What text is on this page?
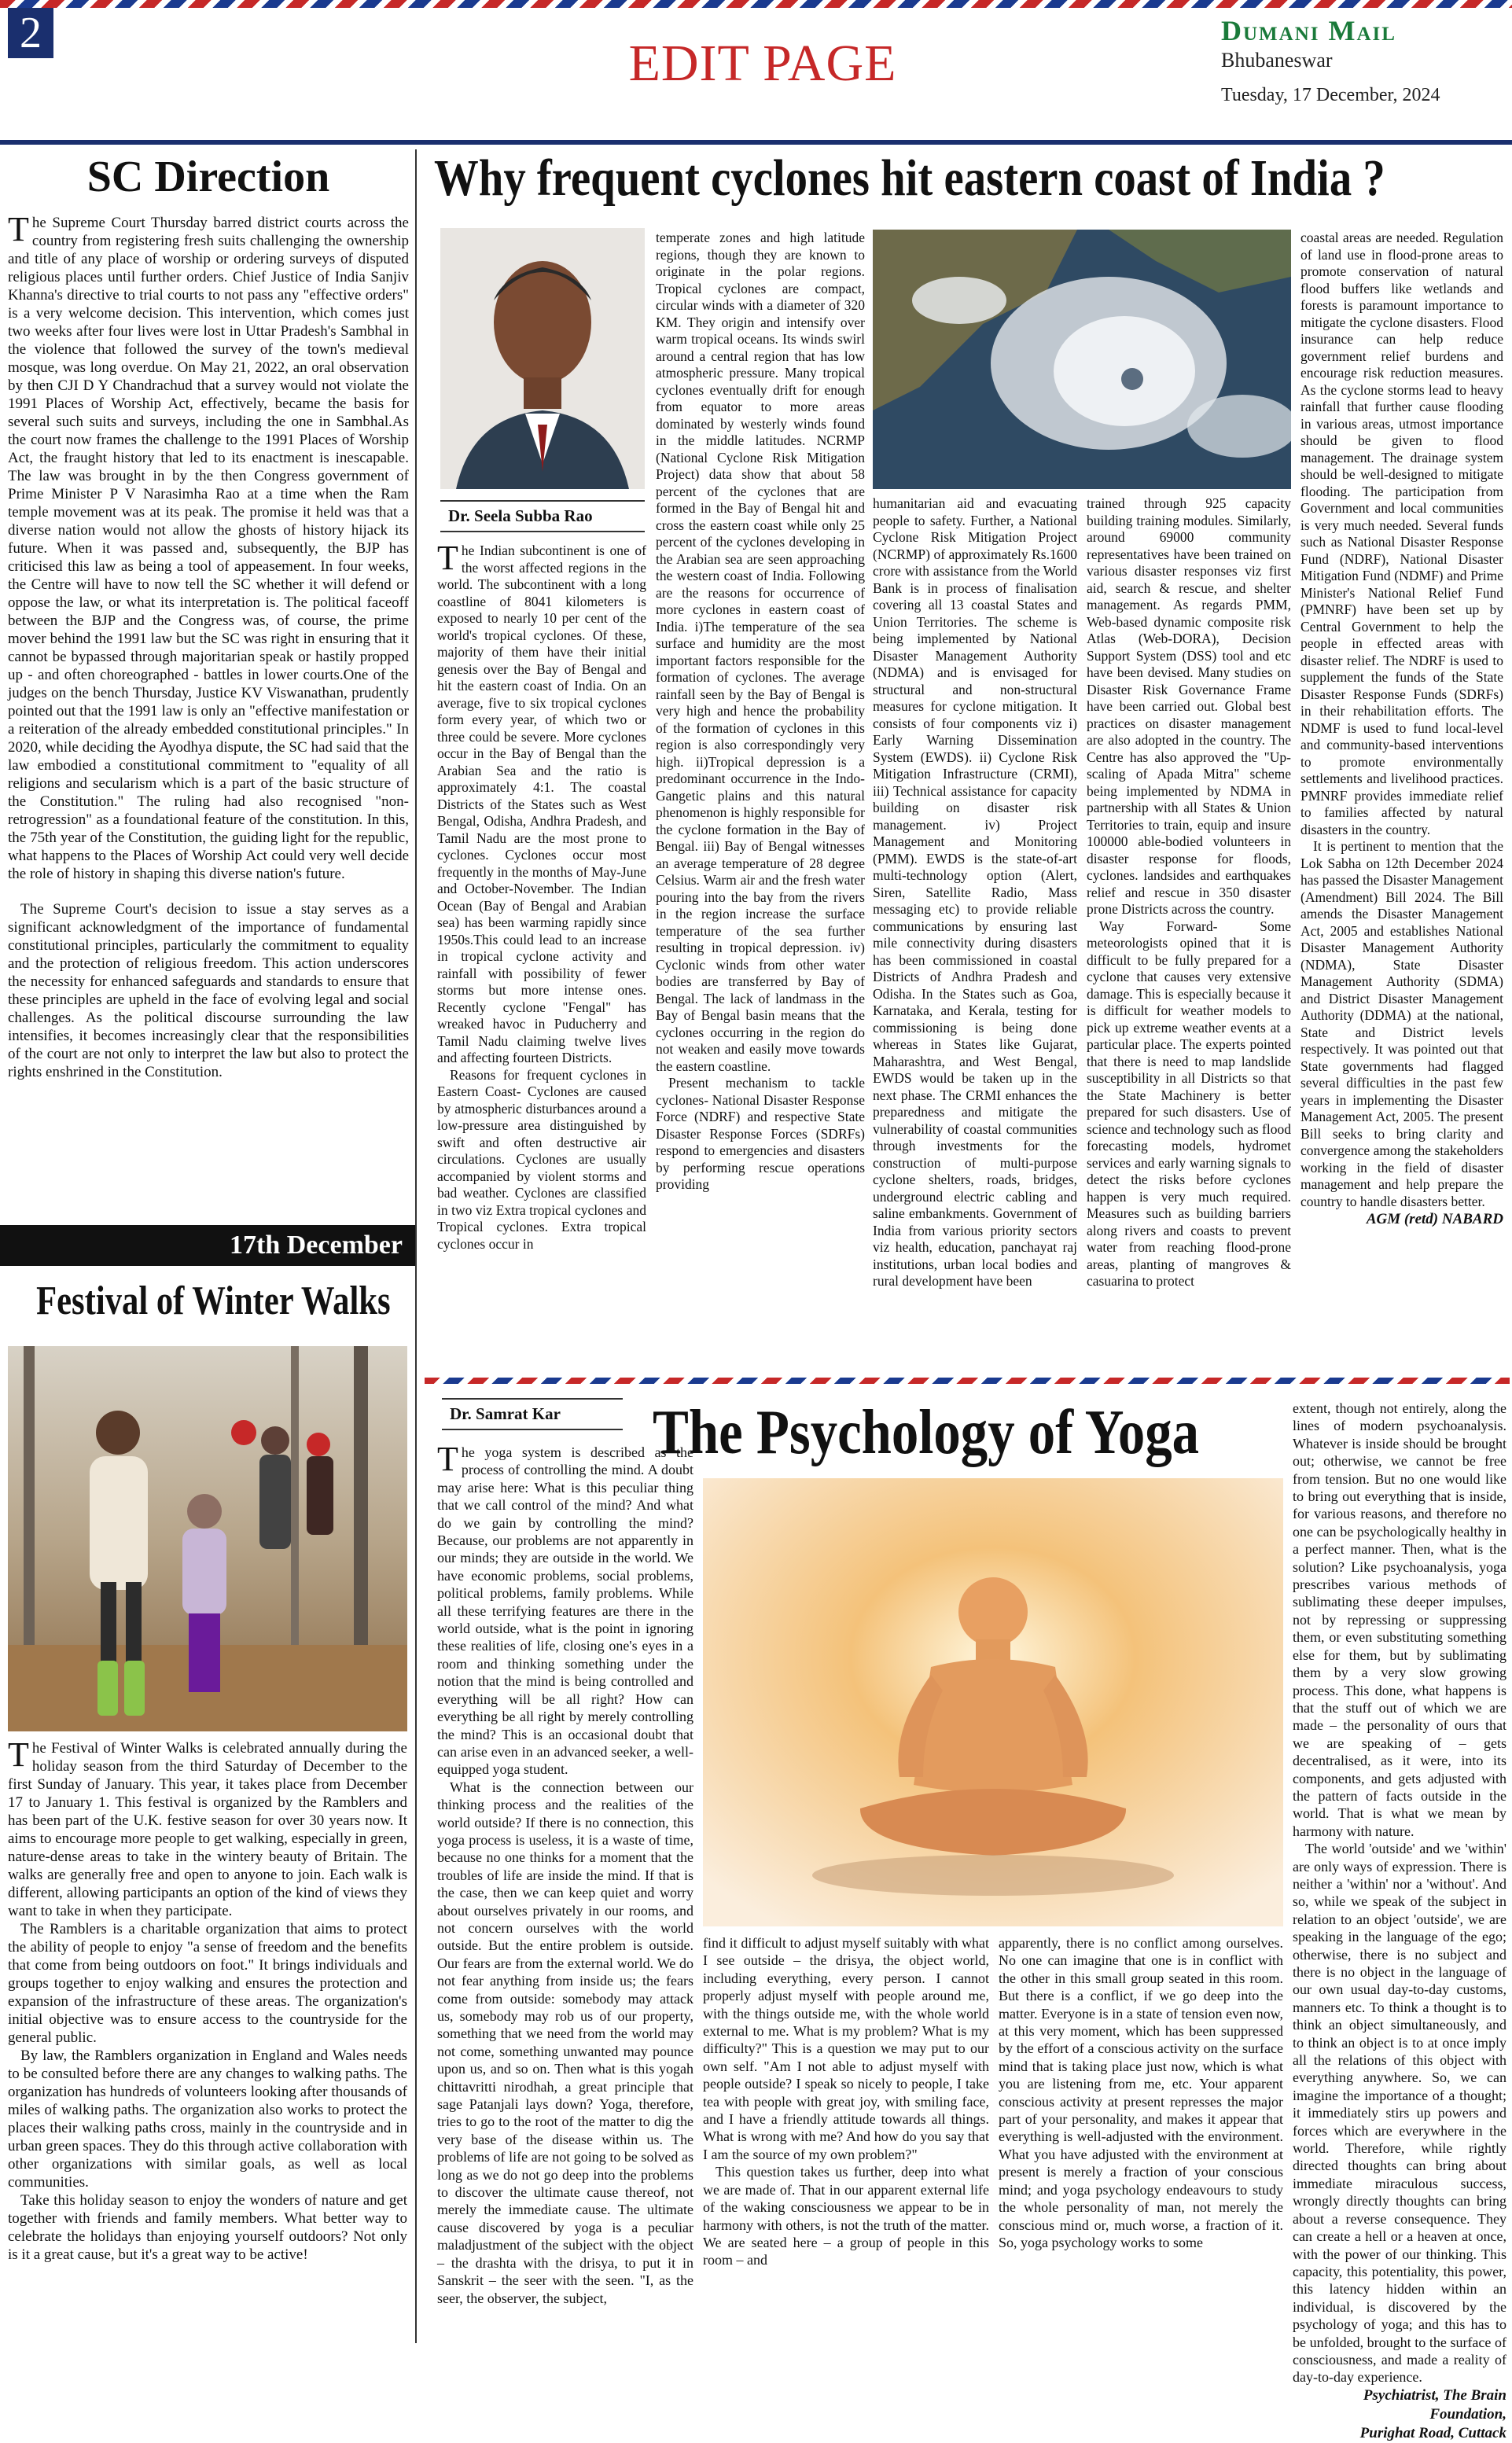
2
EDIT PAGE
Dumani Mail
Bhubaneswar
Tuesday, 17 December, 2024
SC Direction

The Supreme Court Thursday barred district courts across the country from registering fresh suits challenging the ownership and title of any place of worship or ordering surveys of disputed religious places until further orders. Chief Justice of India Sanjiv Khanna's directive to trial courts to not pass any "effective orders" is a very welcome decision. This intervention, which comes just two weeks after four lives were lost in Uttar Pradesh's Sambhal in the violence that followed the survey of the town's medieval mosque, was long overdue. On May 21, 2022, an oral observation by then CJI D Y Chandrachud that a survey would not violate the 1991 Places of Worship Act, effectively, became the basis for several such suits and surveys, including the one in Sambhal.As the court now frames the challenge to the 1991 Places of Worship Act, the fraught history that led to its enactment is inescapable. The law was brought in by the then Congress government of Prime Minister P V Narasimha Rao at a time when the Ram temple movement was at its peak. The promise it held was that a diverse nation would not allow the ghosts of history hijack its future. When it was passed and, subsequently, the BJP has criticised this law as being a tool of appeasement. In four weeks, the Centre will have to now tell the SC whether it will defend or oppose the law, or what its interpretation is. The political faceoff between the BJP and the Congress was, of course, the prime mover behind the 1991 law but the SC was right in ensuring that it cannot be bypassed through majoritarian speak or hastily propped up - and often choreographed - battles in lower courts.One of the judges on the bench Thursday, Justice KV Viswanathan, prudently pointed out that the 1991 law is only an "effective manifestation or a reiteration of the already embedded constitutional principles." In 2020, while deciding the Ayodhya dispute, the SC had said that the law embodied a constitutional commitment to "equality of all religions and secularism which is a part of the basic structure of the Constitution." The ruling had also recognised "non-retrogression" as a foundational feature of the constitution. In this, the 75th year of the Constitution, the guiding light for the republic, what happens to the Places of Worship Act could very well decide the role of history in shaping this diverse nation's future.

The Supreme Court's decision to issue a stay serves as a significant acknowledgment of the importance of fundamental constitutional principles, particularly the commitment to equality and the protection of religious freedom. This action underscores the necessity for enhanced safeguards and standards to ensure that these principles are upheld in the face of evolving legal and social challenges. As the political discourse surrounding the law intensifies, it becomes increasingly clear that the responsibilities of the court are not only to interpret the law but also to protect the rights enshrined in the Constitution.

17th December
Festival of Winter Walks

The Festival of Winter Walks is celebrated annually during the holiday season from the third Saturday of December to the first Sunday of January. This year, it takes place from December 17 to January 1. This festival is organized by the Ramblers and has been part of the U.K. festive season for over 30 years now. It aims to encourage more people to get walking, especially in green, nature-dense areas to take in the wintery beauty of Britain. The walks are generally free and open to anyone to join. Each walk is different, allowing participants an option of the kind of views they want to take in when they participate.

The Ramblers is a charitable organization that aims to protect the ability of people to enjoy "a sense of freedom and the benefits that come from being outdoors on foot." It brings individuals and groups together to enjoy walking and ensures the protection and expansion of the infrastructure of these areas. The organization's initial objective was to ensure access to the countryside for the general public.

By law, the Ramblers organization in England and Wales needs to be consulted before there are any changes to walking paths. The organization has hundreds of volunteers looking after thousands of miles of walking paths. The organization also works to protect the places their walking paths cross, mainly in the countryside and in urban green spaces. They do this through active collaboration with other organizations with similar goals, as well as local communities.

Take this holiday season to enjoy the wonders of nature and get together with friends and family members. What better way to celebrate the holidays than enjoying yourself outdoors? Not only is it a great cause, but it's a great way to be active!

Why frequent cyclones hit eastern coast of India ?
Dr. Seela Subba Rao

The Indian subcontinent is one of the worst affected regions in the world. The subcontinent with a long coastline of 8041 kilometers is exposed to nearly 10 per cent of the world's tropical cyclones. Of these, majority of them have their initial genesis over the Bay of Bengal and hit the eastern coast of India. On an average, five to six tropical cyclones form every year, of which two or three could be severe. More cyclones occur in the Bay of Bengal than the Arabian Sea and the ratio is approximately 4:1. The coastal Districts of the States such as West Bengal, Odisha, Andhra Pradesh, and Tamil Nadu are the most prone to cyclones. Cyclones occur most frequently in the months of May-June and October-November. The Indian Ocean (Bay of Bengal and Arabian sea) has been warming rapidly since 1950s.This could lead to an increase in tropical cyclone activity and rainfall with possibility of fewer storms but more intense ones. Recently cyclone "Fengal" has wreaked havoc in Puducherry and Tamil Nadu claiming twelve lives and affecting fourteen Districts.

Reasons for frequent cyclones in Eastern Coast- Cyclones are caused by atmospheric disturbances around a low-pressure area distinguished by swift and often destructive air circulations. Cyclones are usually accompanied by violent storms and bad weather. Cyclones are classified in two viz Extra tropical cyclones and Tropical cyclones. Extra tropical cyclones occur in

temperate zones and high latitude regions, though they are known to originate in the polar regions. Tropical cyclones are compact, circular winds with a diameter of 320 KM. They origin and intensify over warm tropical oceans. Its winds swirl around a central region that has low atmospheric pressure. Many tropical cyclones eventually drift for enough from equator to more areas dominated by westerly winds found in the middle latitudes. NCRMP (National Cyclone Risk Mitigation Project) data show that about 58 percent of the cyclones that are formed in the Bay of Bengal hit and cross the eastern coast while only 25 percent of the cyclones developing in the Arabian sea are seen approaching the western coast of India. Following are the reasons for occurrence of more cyclones in eastern coast of India. i)The temperature of the sea surface and humidity are the most important factors responsible for the formation of cyclones. The average rainfall seen by the Bay of Bengal is very high and hence the probability of the formation of cyclones in this region is also correspondingly very high. ii)Tropical depression is a predominant occurrence in the Indo-Gangetic plains and this natural phenomenon is highly responsible for the cyclone formation in the Bay of Bengal. iii) Bay of Bengal witnesses an average temperature of 28 degree Celsius. Warm air and the fresh water pouring into the bay from the rivers in the region increase the surface temperature of the sea further resulting in tropical depression. iv) Cyclonic winds from other water bodies are transferred by Bay of Bengal. The lack of landmass in the Bay of Bengal basin means that the cyclones occurring in the region do not weaken and easily move towards the eastern coastline.

Present mechanism to tackle cyclones- National Disaster Response Force (NDRF) and respective State Disaster Response Forces (SDRFs) respond to emergencies and disasters by performing rescue operations providing

humanitarian aid and evacuating people to safety. Further, a National Cyclone Risk Mitigation Project (NCRMP) of approximately Rs.1600 crore with assistance from the World Bank is in process of finalisation covering all 13 coastal States and Union Territories. The scheme is being implemented by National Disaster Management Authority (NDMA) and is envisaged for structural and non-structural measures for cyclone mitigation. It consists of four components viz i) Early Warning Dissemination System (EWDS). ii) Cyclone Risk Mitigation Infrastructure (CRMI), iii) Technical assistance for capacity building on disaster risk management. iv) Project Management and Monitoring (PMM). EWDS is the state-of-art multi-technology option (Alert, Siren, Satellite Radio, Mass messaging etc) to provide reliable communications by ensuring last mile connectivity during disasters has been commissioned in coastal Districts of Andhra Pradesh and Odisha. In the States such as Goa, Karnataka, and Kerala, testing for commissioning is being done whereas in States like Gujarat, Maharashtra, and West Bengal, EWDS would be taken up in the next phase. The CRMI enhances the preparedness and mitigate the vulnerability of coastal communities through investments for the construction of multi-purpose cyclone shelters, roads, bridges, underground electric cabling and saline embankments. Government of India from various priority sectors viz health, education, panchayat raj institutions, urban local bodies and rural development have been

trained through 925 capacity building training modules. Similarly, around 69000 community representatives have been trained on various disaster responses viz first aid, search & rescue, and shelter management. As regards PMM, Web-based dynamic composite risk Atlas (Web-DORA), Decision Support System (DSS) tool and etc have been devised. Many studies on Disaster Risk Governance Frame have been carried out. Global best practices on disaster management are also adopted in the country. The Centre has also approved the "Up-scaling of Apada Mitra" scheme being implemented by NDMA in partnership with all States & Union Territories to train, equip and insure 100000 able-bodied volunteers in disaster response for floods, cyclones. landsides and earthquakes relief and rescue in 350 disaster prone Districts across the country.

Way Forward- Some meteorologists opined that it is difficult to be fully prepared for a cyclone that causes very extensive damage. This is especially because it is difficult for weather models to pick up extreme weather events at a particular place. The experts pointed that there is need to map landslide susceptibility in all Districts so that the State Machinery is better prepared for such disasters. Use of science and technology such as flood forecasting models, hydromet services and early warning signals to detect the risks before cyclones happen is very much required. Measures such as building barriers along rivers and coasts to prevent water from reaching flood-prone areas, planting of mangroves & casuarina to protect

coastal areas are needed. Regulation of land use in flood-prone areas to promote conservation of natural flood buffers like wetlands and forests is paramount importance to mitigate the cyclone disasters. Flood insurance can help reduce government relief burdens and encourage risk reduction measures. As the cyclone storms lead to heavy rainfall that further cause flooding in various areas, utmost importance should be given to flood management. The drainage system should be well-designed to mitigate flooding. The participation from Government and local communities is very much needed. Several funds such as National Disaster Response Fund (NDRF), National Disaster Mitigation Fund (NDMF) and Prime Minister's National Relief Fund (PMNRF) have been set up by Central Government to help the people in effected areas with disaster relief. The NDRF is used to supplement the funds of the State Disaster Response Funds (SDRFs) in their rehabilitation efforts. The NDMF is used to fund local-level and community-based interventions to promote environmentally settlements and livelihood practices. PMNRF provides immediate relief to families affected by natural disasters in the country.

It is pertinent to mention that the Lok Sabha on 12th December 2024 has passed the Disaster Management (Amendment) Bill 2024. The Bill amends the Disaster Management Act, 2005 and establishes National Disaster Management Authority (NDMA), State Disaster Management Authority (SDMA) and District Disaster Management Authority (DDMA) at the national, State and District levels respectively. It was pointed out that State governments had flagged several difficulties in the past few years in implementing the Disaster Management Act, 2005. The present Bill seeks to bring clarity and convergence among the stakeholders working in the field of disaster management and help prepare the country to handle disasters better.

AGM (retd) NABARD
Dr. Samrat Kar	The Psychology of Yoga

The yoga system is described as the process of controlling the mind. A doubt may arise here: What is this peculiar thing that we call control of the mind? And what do we gain by controlling the mind? Because, our problems are not apparently in our minds; they are outside in the world. We have economic problems, social problems, political problems, family problems. While all these terrifying features are there in the world outside, what is the point in ignoring these realities of life, closing one's eyes in a room and thinking something under the notion that the mind is being controlled and everything will be all right? How can everything be all right by merely controlling the mind? This is an occasional doubt that can arise even in an advanced seeker, a well-equipped yoga student.

What is the connection between our thinking process and the realities of the world outside? If there is no connection, this yoga process is useless, it is a waste of time, because no one thinks for a moment that the troubles of life are inside the mind. If that is the case, then we can keep quiet and worry about ourselves privately in our rooms, and not concern ourselves with the world outside. But the entire problem is outside. Our fears are from the external world. We do not fear anything from inside us; the fears come from outside: somebody may attack us, somebody may rob us of our property, something that we need from the world may not come, something unwanted may pounce upon us, and so on. Then what is this yogah chittavritti nirodhah, a great principle that sage Patanjali lays down? Yoga, therefore, tries to go to the root of the matter to dig the very base of the disease within us. The problems of life are not going to be solved as long as we do not go deep into the problems to discover the ultimate cause thereof, not merely the immediate cause. The ultimate cause discovered by yoga is a peculiar maladjustment of the subject with the object – the drashta with the drisya, to put it in Sanskrit – the seer with the seen. "I, as the seer, the observer, the subject,

find it difficult to adjust myself suitably with what I see outside – the drisya, the object world, including everything, every person. I cannot properly adjust myself with people around me, with the things outside me, with the whole world external to me. What is my problem? What is my difficulty?" This is a question we may put to our own self. "Am I not able to adjust myself with people outside? I speak so nicely to people, I take tea with people with great joy, with smiling face, and I have a friendly attitude towards all things. What is wrong with me? And how do you say that I am the source of my own problem?"

This question takes us further, deep into what we are made of. That in our apparent external life of the waking consciousness we appear to be in harmony with others, is not the truth of the matter. We are seated here – a group of people in this room – and

apparently, there is no conflict among ourselves. No one can imagine that one is in conflict with the other in this small group seated in this room. But there is a conflict, if we go deep into the matter. Everyone is in a state of tension even now, at this very moment, which has been suppressed by the effort of a conscious activity on the surface mind that is taking place just now, which is what you are listening from me, etc. Your apparent conscious activity at present represses the major part of your personality, and makes it appear that everything is well-adjusted with the environment. What you have adjusted with the environment at present is merely a fraction of your conscious mind; and yoga psychology endeavours to study the whole personality of man, not merely the conscious mind or, much worse, a fraction of it. So, yoga psychology works to some

extent, though not entirely, along the lines of modern psychoanalysis. Whatever is inside should be brought out; otherwise, we cannot be free from tension. But no one would like to bring out everything that is inside, for various reasons, and therefore no one can be psychologically healthy in a perfect manner. Then, what is the solution? Like psychoanalysis, yoga prescribes various methods of sublimating these deeper impulses, not by repressing or suppressing them, or even substituting something else for them, but by sublimating them by a very slow growing process. This done, what happens is that the stuff out of which we are made – the personality of ours that we are speaking of – gets decentralised, as it were, into its components, and gets adjusted with the pattern of facts outside in the world. That is what we mean by harmony with nature.

The world 'outside' and we 'within' are only ways of expression. There is neither a 'within' nor a 'without'. And so, while we speak of the subject in relation to an object 'outside', we are speaking in the language of the ego; otherwise, there is no subject and there is no object in the language of our own usual day-to-day customs, manners etc. To think a thought is to think an object simultaneously, and to think an object is to at once imply all the relations of this object with everything anywhere. So, we can imagine the importance of a thought; it immediately stirs up powers and forces which are everywhere in the world. Therefore, while rightly directed thoughts can bring about immediate miraculous success, wrongly directly thoughts can bring about a reverse consequence. They can create a hell or a heaven at once, with the power of our thinking. This capacity, this potentiality, this power, this latency hidden within an individual, is discovered by the psychology of yoga; and this has to be unfolded, brought to the surface of consciousness, and made a reality of day-to-day experience.

Psychiatrist, The Brain Foundation,
Purighat Road, Cuttack
